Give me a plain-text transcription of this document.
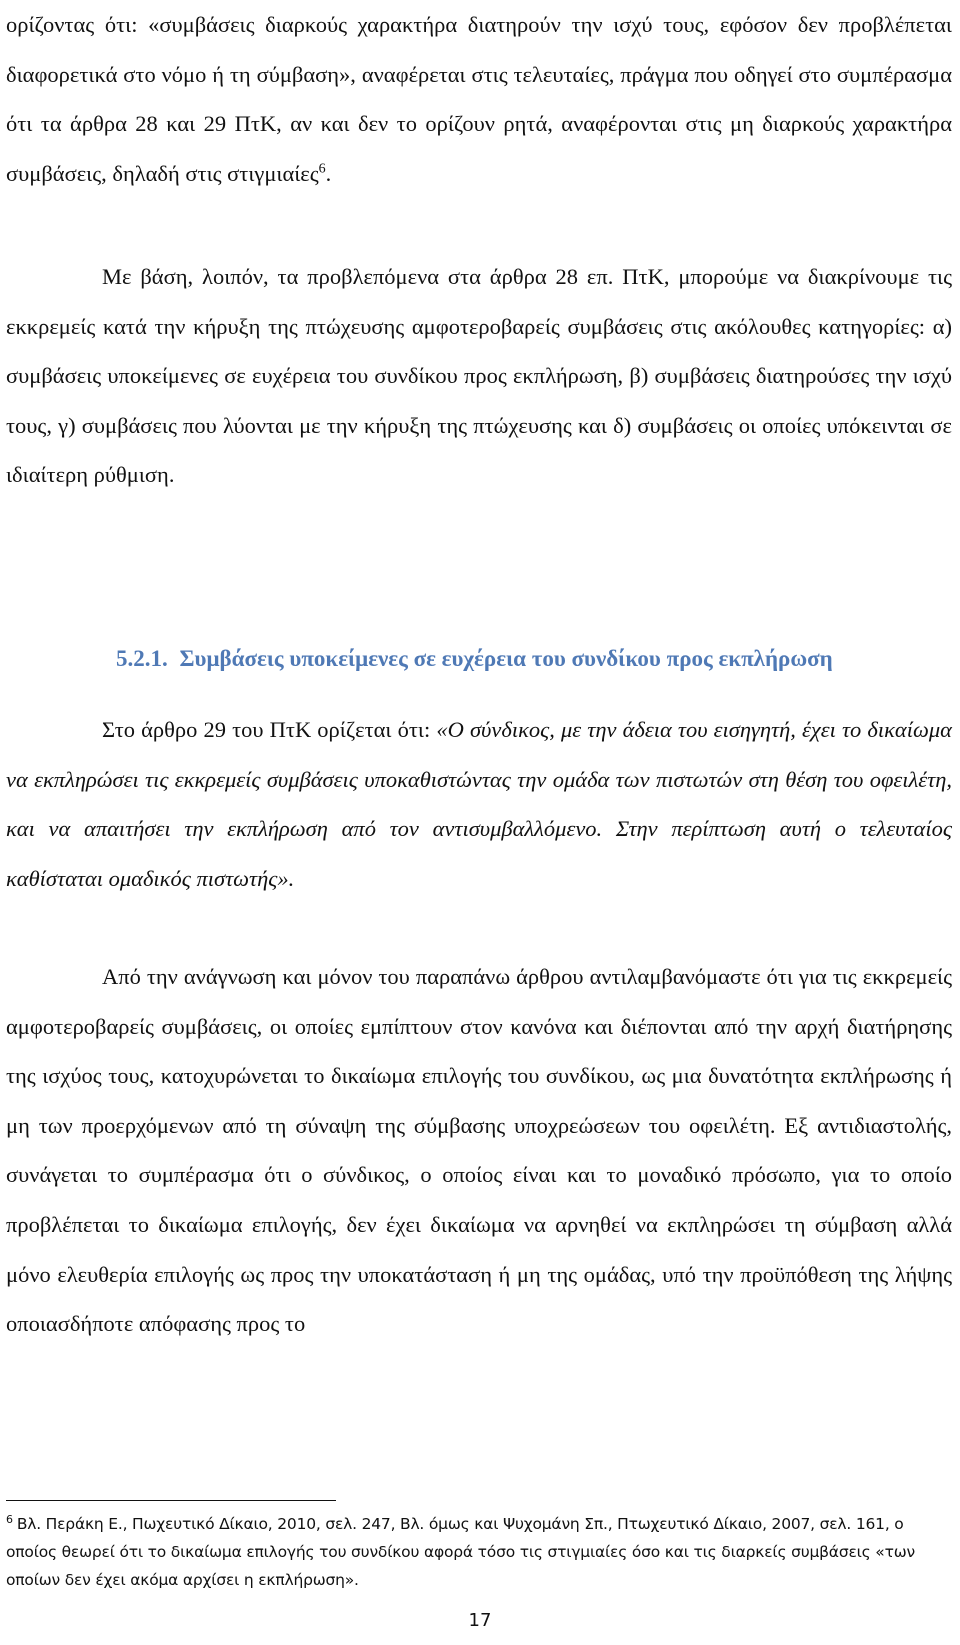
ορίζοντας ότι: «συμβάσεις διαρκούς χαρακτήρα διατηρούν την ισχύ τους, εφόσον δεν προβλέπεται διαφορετικά στο νόμο ή τη σύμβαση», αναφέρεται στις τελευταίες, πράγμα που οδηγεί στο συμπέρασμα ότι τα άρθρα 28 και 29 ΠτΚ, αν και δεν το ορίζουν ρητά, αναφέρονται στις μη διαρκούς χαρακτήρα συμβάσεις, δηλαδή στις στιγμιαίες$^6$.

Με βάση, λοιπόν, τα προβλεπόμενα στα άρθρα 28 επ. ΠτΚ, μπορούμε να διακρίνουμε τις εκκρεμείς κατά την κήρυξη της πτώχευσης αμφοτεροβαρείς συμβάσεις στις ακόλουθες κατηγορίες: α) συμβάσεις υποκείμενες σε ευχέρεια του συνδίκου προς εκπλήρωση, β) συμβάσεις διατηρούσες την ισχύ τους, γ) συμβάσεις που λύονται με την κήρυξη της πτώχευσης και δ) συμβάσεις οι οποίες υπόκεινται σε ιδιαίτερη ρύθμιση.

5.2.1. Συμβάσεις υποκείμενες σε ευχέρεια του συνδίκου προς εκπλήρωση

Στο άρθρο 29 του ΠτΚ ορίζεται ότι: «Ο σύνδικος, με την άδεια του εισηγητή, έχει το δικαίωμα να εκπληρώσει τις εκκρεμείς συμβάσεις υποκαθιστώντας την ομάδα των πιστωτών στη θέση του οφειλέτη, και να απαιτήσει την εκπλήρωση από τον αντισυμβαλλόμενο. Στην περίπτωση αυτή ο τελευταίος καθίσταται ομαδικός πιστωτής».

Από την ανάγνωση και μόνον του παραπάνω άρθρου αντιλαμβανόμαστε ότι για τις εκκρεμείς αμφοτεροβαρείς συμβάσεις, οι οποίες εμπίπτουν στον κανόνα και διέπονται από την αρχή διατήρησης της ισχύος τους, κατοχυρώνεται το δικαίωμα επιλογής του συνδίκου, ως μια δυνατότητα εκπλήρωσης ή μη των προερχόμενων από τη σύναψη της σύμβασης υποχρεώσεων του οφειλέτη. Εξ αντιδιαστολής, συνάγεται το συμπέρασμα ότι ο σύνδικος, ο οποίος είναι και το μοναδικό πρόσωπο, για το οποίο προβλέπεται το δικαίωμα επιλογής, δεν έχει δικαίωμα να αρνηθεί να εκπληρώσει τη σύμβαση αλλά μόνο ελευθερία επιλογής ως προς την υποκατάσταση ή μη της ομάδας, υπό την προϋπόθεση της λήψης οποιασδήποτε απόφασης προς το

$^6$ Βλ. Περάκη Ε., Πωχευτικό Δίκαιο, 2010, σελ. 247, Βλ. όμως και Ψυχομάνη Σπ., Πτωχευτικό Δίκαιο, 2007, σελ. 161, ο οποίος θεωρεί ότι το δικαίωμα επιλογής του συνδίκου αφορά τόσο τις στιγμιαίες όσο και τις διαρκείς συμβάσεις «των οποίων δεν έχει ακόμα αρχίσει η εκπλήρωση».

17
